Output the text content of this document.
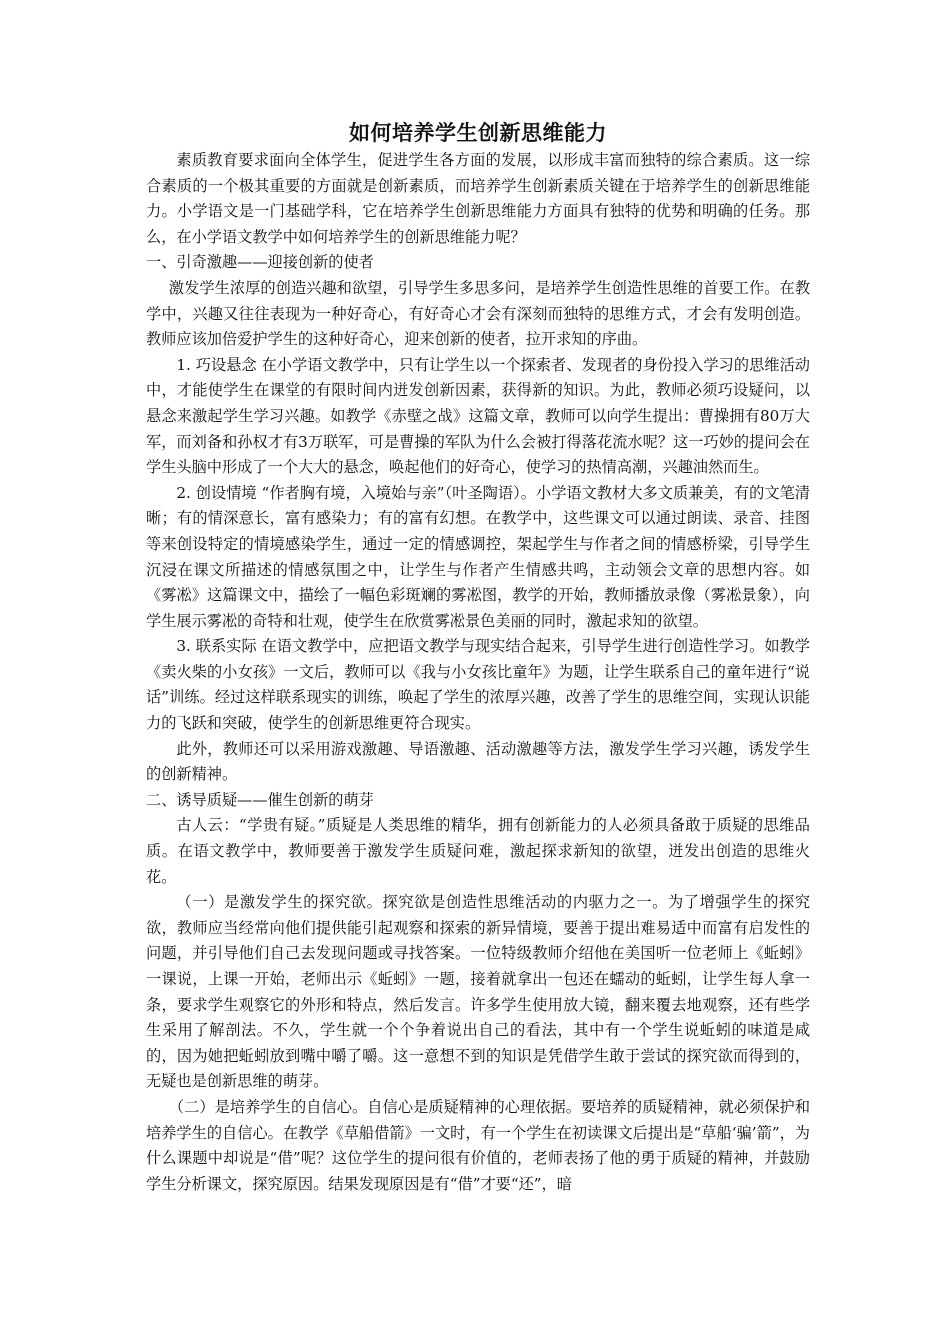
如何培养学生创新思维能力

素质教育要求面向全体学生，促进学生各方面的发展，以形成丰富而独特的综合素质。这一综合素质的一个极其重要的方面就是创新素质，而培养学生创新素质关键在于培养学生的创新思维能力。小学语文是一门基础学科，它在培养学生创新思维能力方面具有独特的优势和明确的任务。那么，在小学语文教学中如何培养学生的创新思维能力呢？

一、引奇激趣——迎接创新的使者

激发学生浓厚的创造兴趣和欲望，引导学生多思多问，是培养学生创造性思维的首要工作。在教学中，兴趣又往往表现为一种好奇心，有好奇心才会有深刻而独特的思维方式，才会有发明创造。教师应该加倍爱护学生的这种好奇心，迎来创新的使者，拉开求知的序曲。

1. 巧设悬念 在小学语文教学中，只有让学生以一个探索者、发现者的身份投入学习的思维活动中，才能使学生在课堂的有限时间内迸发创新因素，获得新的知识。为此，教师必须巧设疑问，以悬念来激起学生学习兴趣。如教学《赤壁之战》这篇文章，教师可以向学生提出：曹操拥有80万大军，而刘备和孙权才有3万联军，可是曹操的军队为什么会被打得落花流水呢？这一巧妙的提问会在学生头脑中形成了一个大大的悬念，唤起他们的好奇心，使学习的热情高潮，兴趣油然而生。

2. 创设情境 “作者胸有境，入境始与亲”（叶圣陶语）。小学语文教材大多文质兼美，有的文笔清晰；有的情深意长，富有感染力；有的富有幻想。在教学中，这些课文可以通过朗读、录音、挂图等来创设特定的情境感染学生，通过一定的情感调控，架起学生与作者之间的情感桥梁，引导学生沉浸在课文所描述的情感氛围之中，让学生与作者产生情感共鸣，主动领会文章的思想内容。如《雾凇》这篇课文中，描绘了一幅色彩斑斓的雾凇图，教学的开始，教师播放录像（雾凇景象），向学生展示雾凇的奇特和壮观，使学生在欣赏雾凇景色美丽的同时，激起求知的欲望。

3. 联系实际 在语文教学中，应把语文教学与现实结合起来，引导学生进行创造性学习。如教学《卖火柴的小女孩》一文后，教师可以《我与小女孩比童年》为题，让学生联系自己的童年进行“说话”训练。经过这样联系现实的训练，唤起了学生的浓厚兴趣，改善了学生的思维空间，实现认识能力的飞跃和突破，使学生的创新思维更符合现实。

此外，教师还可以采用游戏激趣、导语激趣、活动激趣等方法，激发学生学习兴趣，诱发学生的创新精神。

二、诱导质疑——催生创新的萌芽

古人云：“学贵有疑。”质疑是人类思维的精华，拥有创新能力的人必须具备敢于质疑的思维品质。在语文教学中，教师要善于激发学生质疑问难，激起探求新知的欲望，迸发出创造的思维火花。

（一）是激发学生的探究欲。探究欲是创造性思维活动的内驱力之一。为了增强学生的探究欲，教师应当经常向他们提供能引起观察和探索的新异情境，要善于提出难易适中而富有启发性的问题，并引导他们自己去发现问题或寻找答案。一位特级教师介绍他在美国听一位老师上《蚯蚓》一课说，上课一开始，老师出示《蚯蚓》一题，接着就拿出一包还在蠕动的蚯蚓，让学生每人拿一条，要求学生观察它的外形和特点，然后发言。许多学生使用放大镜，翻来覆去地观察，还有些学生采用了解剖法。不久，学生就一个个争着说出自己的看法，其中有一个学生说蚯蚓的味道是咸的，因为她把蚯蚓放到嘴中嚼了嚼。这一意想不到的知识是凭借学生敢于尝试的探究欲而得到的，无疑也是创新思维的萌芽。

（二）是培养学生的自信心。自信心是质疑精神的心理依据。要培养的质疑精神，就必须保护和培养学生的自信心。在教学《草船借箭》一文时，有一个学生在初读课文后提出是“草船‘骗’箭”，为什么课题中却说是“借”呢？这位学生的提问很有价值的，老师表扬了他的勇于质疑的精神，并鼓励学生分析课文，探究原因。结果发现原因是有“借”才要“还”，暗
